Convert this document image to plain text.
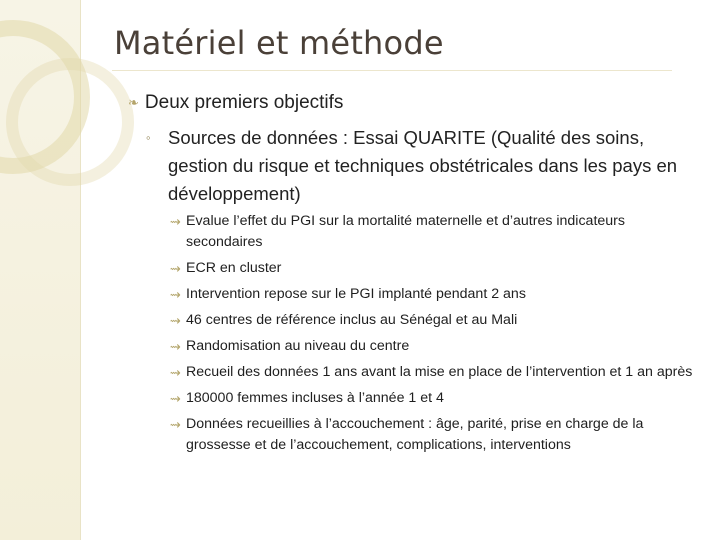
Matériel et méthode
❧ Deux premiers objectifs
◦ Sources de données : Essai QUARITE (Qualité des soins, gestion du risque et techniques obstétricales dans les pays en développement)
⇝ Evalue l’effet du PGI sur la mortalité maternelle et d’autres indicateurs secondaires
⇝ ECR en cluster
⇝ Intervention repose sur le PGI implanté pendant 2 ans
⇝ 46 centres de référence inclus au Sénégal et au Mali
⇝ Randomisation au niveau du centre
⇝ Recueil des données 1 ans avant la mise en place de l’intervention et 1 an après
⇝ 180000 femmes incluses à l’année 1 et 4
⇝ Données recueillies à l’accouchement : âge, parité, prise en charge de la grossesse et de l’accouchement, complications, interventions
